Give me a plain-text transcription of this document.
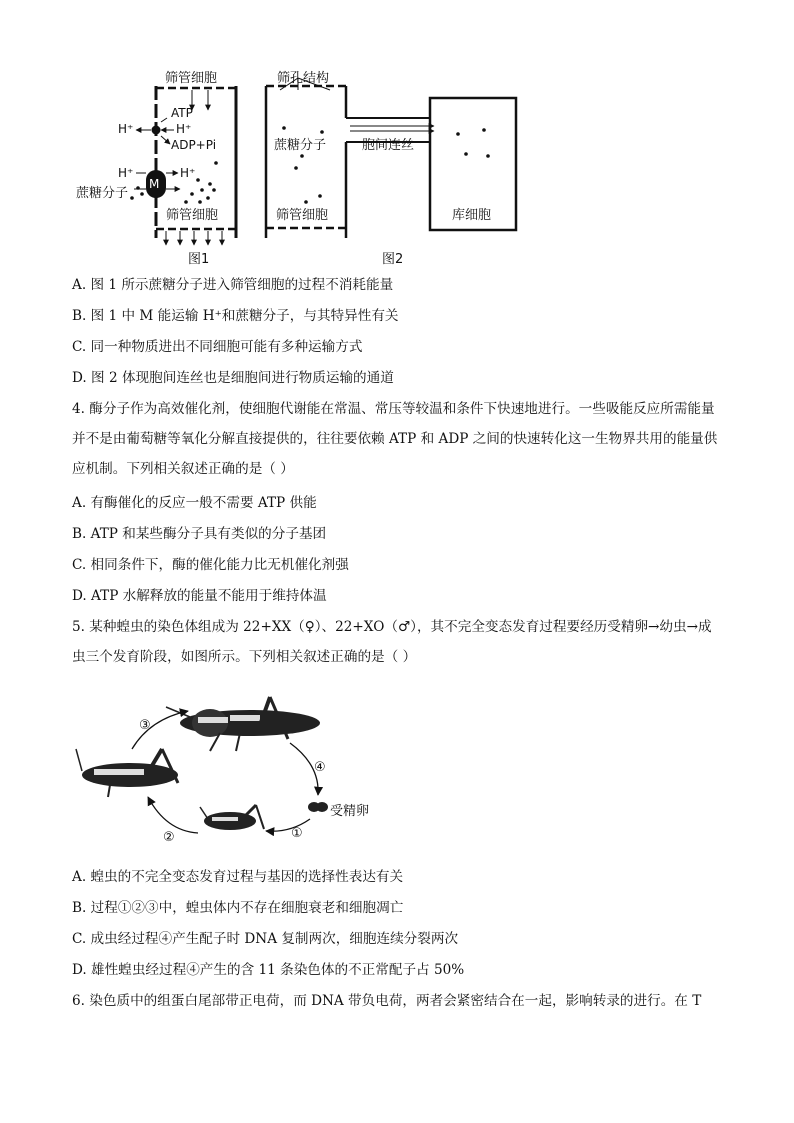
筛管细胞
ATP
H⁺	H⁺
ADP+Pi
H⁺	H⁺
M
蔗糖分子
筛管细胞
图1
筛孔结构
蔗糖分子	胞间连丝
筛管细胞	库细胞
图2
A. 图 1 所示蔗糖分子进入筛管细胞的过程不消耗能量
B. 图 1 中 M 能运输 H⁺和蔗糖分子，与其特异性有关
C. 同一种物质进出不同细胞可能有多种运输方式
D. 图 2 体现胞间连丝也是细胞间进行物质运输的通道
4. 酶分子作为高效催化剂，使细胞代谢能在常温、常压等较温和条件下快速地进行。一些吸能反应所需能量并不是由葡萄糖等氧化分解直接提供的，往往要依赖 ATP 和 ADP 之间的快速转化这一生物界共用的能量供应机制。下列相关叙述正确的是（ ）
A. 有酶催化的反应一般不需要 ATP 供能
B. ATP 和某些酶分子具有类似的分子基团
C. 相同条件下，酶的催化能力比无机催化剂强
D. ATP 水解释放的能量不能用于维持体温
5. 某种蝗虫的染色体组成为 22+XX（♀）、22+XO（♂），其不完全变态发育过程要经历受精卵→幼虫→成虫三个发育阶段，如图所示。下列相关叙述正确的是（ ）
③
④
受精卵
②	①
A. 蝗虫的不完全变态发育过程与基因的选择性表达有关
B. 过程①②③中，蝗虫体内不存在细胞衰老和细胞凋亡
C. 成虫经过程④产生配子时 DNA 复制两次，细胞连续分裂两次
D. 雄性蝗虫经过程④产生的含 11 条染色体的不正常配子占 50%
6. 染色质中的组蛋白尾部带正电荷，而 DNA 带负电荷，两者会紧密结合在一起，影响转录的进行。在 T
